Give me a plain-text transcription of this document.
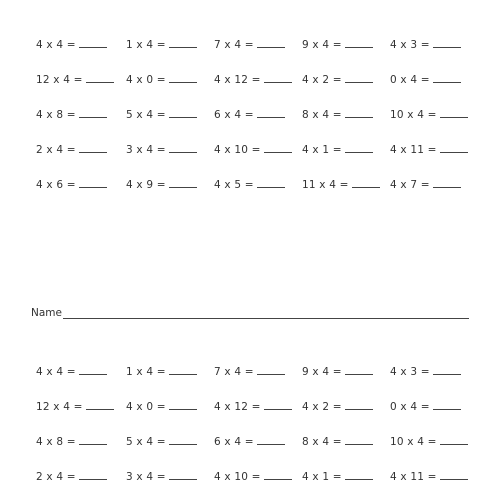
4 x 4 =	1 x 4 =	7 x 4 =	9 x 4 =	4 x 3 =
12 x 4 =	4 x 0 =	4 x 12 =	4 x 2 =	0 x 4 =
4 x 8 =	5 x 4 =	6 x 4 =	8 x 4 =	10 x 4 =
2 x 4 =	3 x 4 =	4 x 10 =	4 x 1 =	4 x 11 =
4 x 6 =	4 x 9 =	4 x 5 =	11 x 4 =	4 x 7 =
Name
4 x 4 =	1 x 4 =	7 x 4 =	9 x 4 =	4 x 3 =
12 x 4 =	4 x 0 =	4 x 12 =	4 x 2 =	0 x 4 =
4 x 8 =	5 x 4 =	6 x 4 =	8 x 4 =	10 x 4 =
2 x 4 =	3 x 4 =	4 x 10 =	4 x 1 =	4 x 11 =
